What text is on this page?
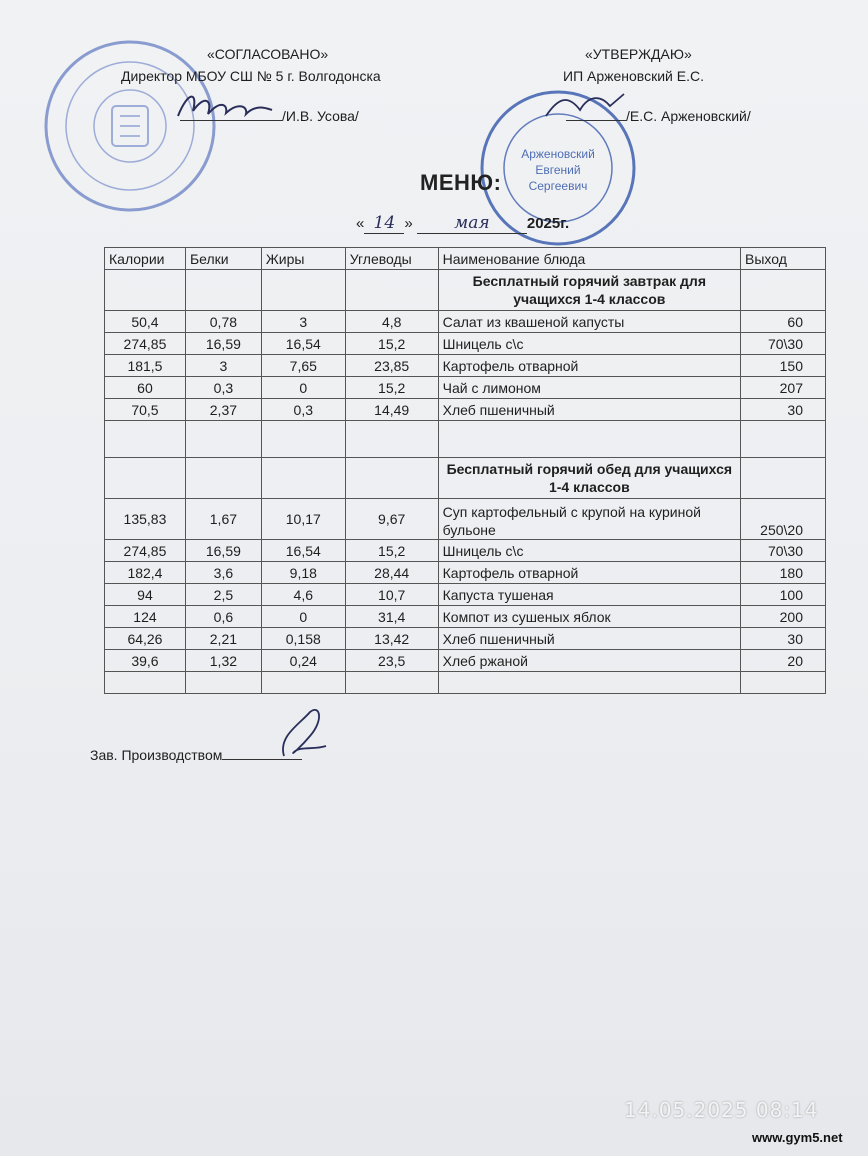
Арженовский
Евгений
Сергеевич
«СОГЛАСОВАНО»
Директор МБОУ СШ № 5 г. Волгодонска
/И.В. Усова/
«УТВЕРЖДАЮ»
ИП Арженовский Е.С.
/Е.С. Арженовский/
МЕНЮ:
« 14 » мая 2025г.
Калории	Белки	Жиры	Углеводы	Наименование блюда	Выход
				Бесплатный горячий завтрак для учащихся 1-4 классов	
50,4	0,78	3	4,8	Салат из квашеной капусты	60
274,85	16,59	16,54	15,2	Шницель с\с	70\30
181,5	3	7,65	23,85	Картофель отварной	150
60	0,3	0	15,2	Чай с лимоном	207
70,5	2,37	0,3	14,49	Хлеб пшеничный	30

				Бесплатный горячий обед для учащихся 1-4 классов	
135,83	1,67	10,17	9,67	Суп картофельный с крупой на куриной бульоне	250\20
274,85	16,59	16,54	15,2	Шницель с\с	70\30
182,4	3,6	9,18	28,44	Картофель отварной	180
94	2,5	4,6	10,7	Капуста тушеная	100
124	0,6	0	31,4	Компот из сушеных яблок	200
64,26	2,21	0,158	13,42	Хлеб пшеничный	30
39,6	1,32	0,24	23,5	Хлеб ржаной	20

Зав. Производством
14.05.2025 08:14
www.gym5.net
